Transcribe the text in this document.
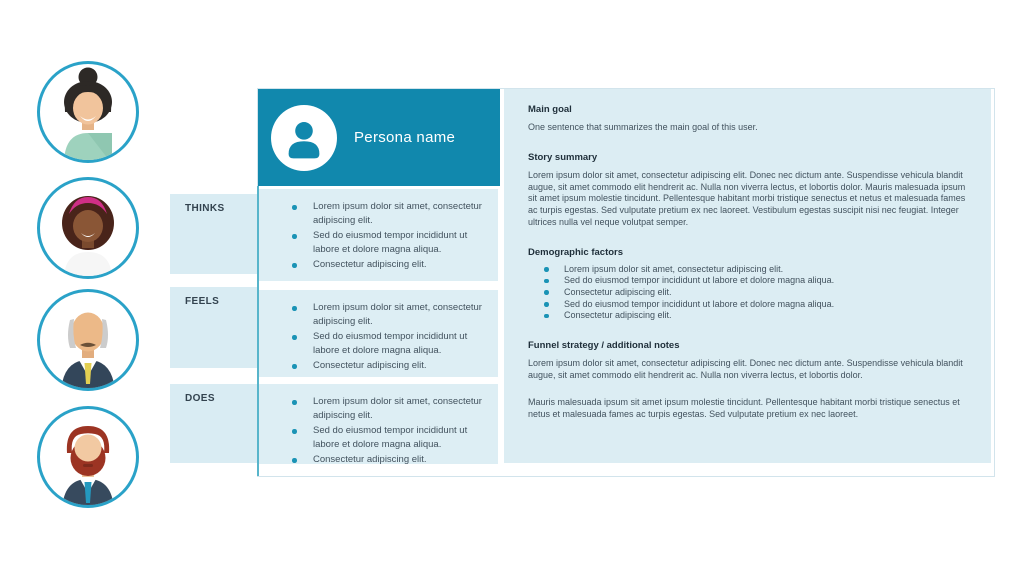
THINKS
FEELS
DOES
Persona name
Lorem ipsum dolor sit amet, consectetur adipiscing elit.
Sed do eiusmod tempor incididunt ut labore et dolore magna aliqua.
Consectetur adipiscing elit.
Lorem ipsum dolor sit amet, consectetur adipiscing elit.
Sed do eiusmod tempor incididunt ut labore et dolore magna aliqua.
Consectetur adipiscing elit.
Lorem ipsum dolor sit amet, consectetur adipiscing elit.
Sed do eiusmod tempor incididunt ut labore et dolore magna aliqua.
Consectetur adipiscing elit.
Main goal

One sentence that summarizes the main goal of this user.

Story summary

Lorem ipsum dolor sit amet, consectetur adipiscing elit. Donec nec dictum ante. Suspendisse vehicula blandit augue, sit amet commodo elit hendrerit ac. Nulla non viverra lectus, et lobortis dolor. Mauris malesuada ipsum sit amet ipsum molestie tincidunt. Pellentesque habitant morbi tristique senectus et netus et malesuada fames ac turpis egestas. Sed vulputate pretium ex nec laoreet. Vestibulum egestas suscipit nisi nec feugiat. Integer ultrices nulla vel neque volutpat semper.

Demographic factors
Lorem ipsum dolor sit amet, consectetur adipiscing elit.
Sed do eiusmod tempor incididunt ut labore et dolore magna aliqua.
Consectetur adipiscing elit.
Sed do eiusmod tempor incididunt ut labore et dolore magna aliqua.
Consectetur adipiscing elit.
Funnel strategy / additional notes

Lorem ipsum dolor sit amet, consectetur adipiscing elit. Donec nec dictum ante. Suspendisse vehicula blandit augue, sit amet commodo elit hendrerit ac. Nulla non viverra lectus, et lobortis dolor.

Mauris malesuada ipsum sit amet ipsum molestie tincidunt. Pellentesque habitant morbi tristique senectus et netus et malesuada fames ac turpis egestas. Sed vulputate pretium ex nec laoreet.
